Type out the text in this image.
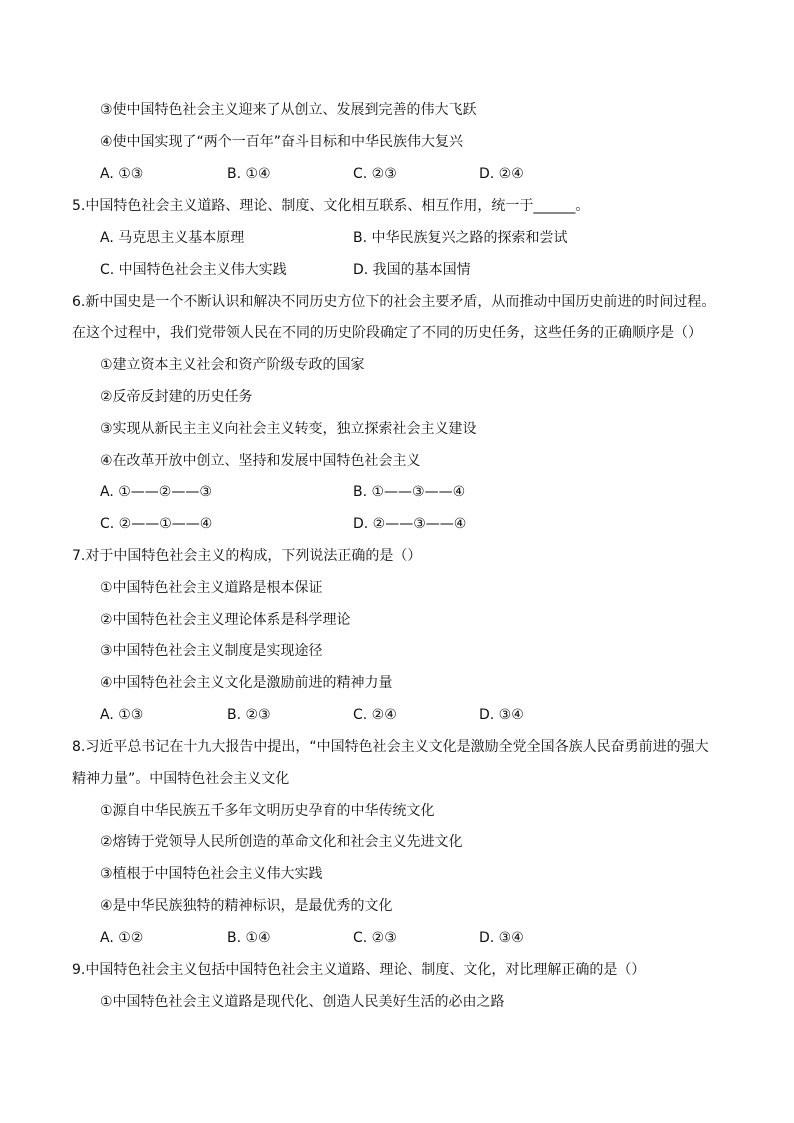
③使中国特色社会主义迎来了从创立、发展到完善的伟大飞跃
④使中国实现了“两个一百年”奋斗目标和中华民族伟大复兴
A. ①③	B. ①④	C. ②③	D. ②④
5.中国特色社会主义道路、理论、制度、文化相互联系、相互作用，统一于______。
A. 马克思主义基本原理	B. 中华民族复兴之路的探索和尝试
C. 中国特色社会主义伟大实践	D. 我国的基本国情
6.新中国史是一个不断认识和解决不同历史方位下的社会主要矛盾，从而推动中国历史前进的时间过程。
在这个过程中，我们党带领人民在不同的历史阶段确定了不同的历史任务，这些任务的正确顺序是（）
①建立资本主义社会和资产阶级专政的国家
②反帝反封建的历史任务
③实现从新民主主义向社会主义转变，独立探索社会主义建设
④在改革开放中创立、坚持和发展中国特色社会主义
A. ①——②——③	B. ①——③——④
C. ②——①——④	D. ②——③——④
7.对于中国特色社会主义的构成，下列说法正确的是（）
①中国特色社会主义道路是根本保证
②中国特色社会主义理论体系是科学理论
③中国特色社会主义制度是实现途径
④中国特色社会主义文化是激励前进的精神力量
A. ①③	B. ②③	C. ②④	D. ③④
8.习近平总书记在十九大报告中提出，“中国特色社会主义文化是激励全党全国各族人民奋勇前进的强大
精神力量”。中国特色社会主义文化
①源自中华民族五千多年文明历史孕育的中华传统文化
②熔铸于党领导人民所创造的革命文化和社会主义先进文化
③植根于中国特色社会主义伟大实践
④是中华民族独特的精神标识，是最优秀的文化
A. ①②	B. ①④	C. ②③	D. ③④
9.中国特色社会主义包括中国特色社会主义道路、理论、制度、文化，对比理解正确的是（）
①中国特色社会主义道路是现代化、创造人民美好生活的必由之路
